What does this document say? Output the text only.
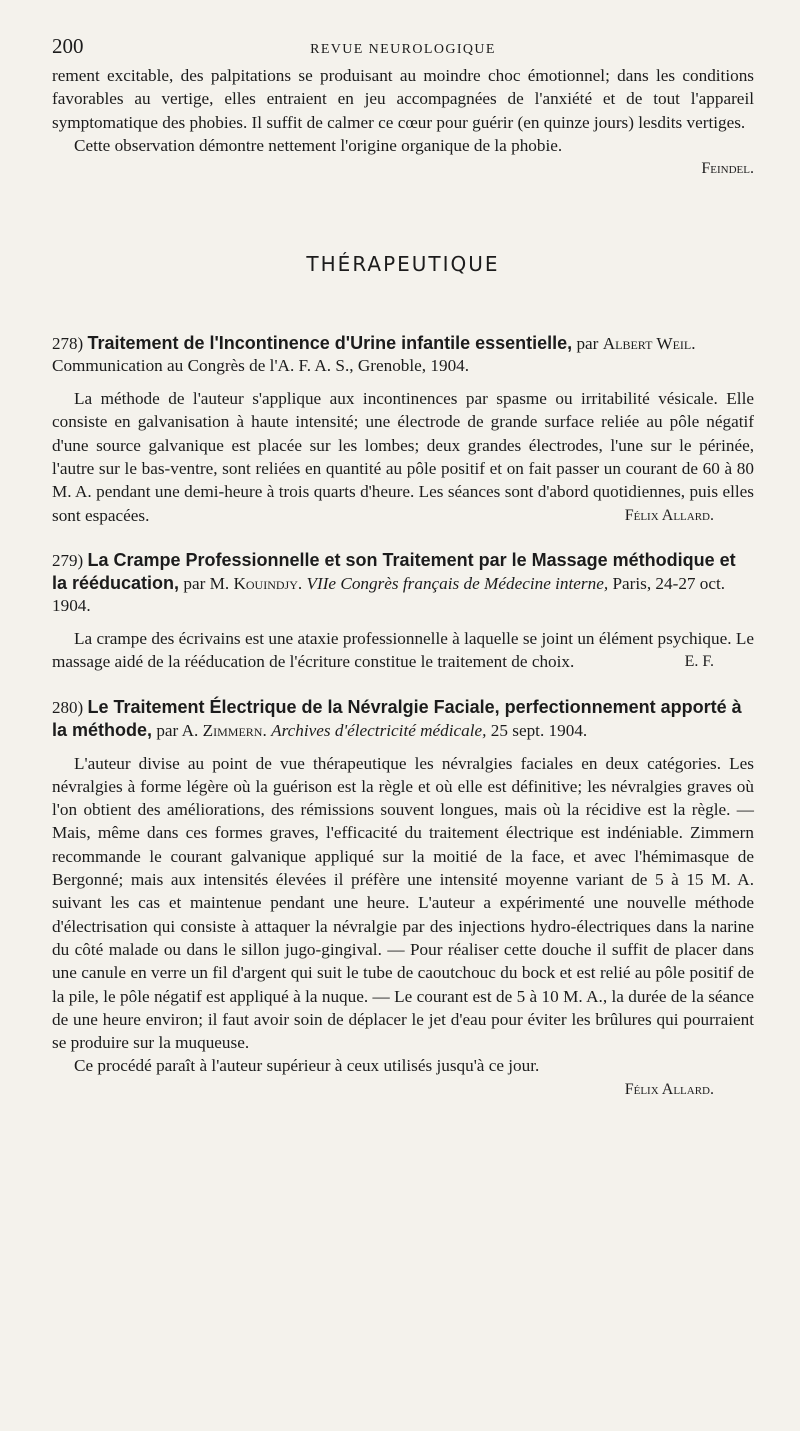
200	REVUE NEUROLOGIQUE

rement excitable, des palpitations se produisant au moindre choc émotionnel; dans les conditions favorables au vertige, elles entraient en jeu accompagnées de l'anxiété et de tout l'appareil symptomatique des phobies. Il suffit de calmer ce cœur pour guérir (en quinze jours) lesdits vertiges.

Cette observation démontre nettement l'origine organique de la phobie.

Feindel.
THÉRAPEUTIQUE

278) Traitement de l'Incontinence d'Urine infantile essentielle, par Albert Weil. Communication au Congrès de l'A. F. A. S., Grenoble, 1904.

La méthode de l'auteur s'applique aux incontinences par spasme ou irritabilité vésicale. Elle consiste en galvanisation à haute intensité; une électrode de grande surface reliée au pôle négatif d'une source galvanique est placée sur les lombes; deux grandes électrodes, l'une sur le périnée, l'autre sur le bas-ventre, sont reliées en quantité au pôle positif et on fait passer un courant de 60 à 80 M. A. pendant une demi-heure à trois quarts d'heure. Les séances sont d'abord quotidiennes, puis elles sont espacées.	Félix Allard.

279) La Crampe Professionnelle et son Traitement par le Massage méthodique et la rééducation, par M. Kouindjy. VIIe Congrès français de Médecine interne, Paris, 24-27 oct. 1904.

La crampe des écrivains est une ataxie professionnelle à laquelle se joint un élément psychique. Le massage aidé de la rééducation de l'écriture constitue le traitement de choix.	E. F.

280) Le Traitement Électrique de la Névralgie Faciale, perfectionnement apporté à la méthode, par A. Zimmern. Archives d'électricité médicale, 25 sept. 1904.

L'auteur divise au point de vue thérapeutique les névralgies faciales en deux catégories. Les névralgies à forme légère où la guérison est la règle et où elle est définitive; les névralgies graves où l'on obtient des améliorations, des rémissions souvent longues, mais où la récidive est la règle. — Mais, même dans ces formes graves, l'efficacité du traitement électrique est indéniable. Zimmern recommande le courant galvanique appliqué sur la moitié de la face, et avec l'hémimasque de Bergonné; mais aux intensités élevées il préfère une intensité moyenne variant de 5 à 15 M. A. suivant les cas et maintenue pendant une heure. L'auteur a expérimenté une nouvelle méthode d'électrisation qui consiste à attaquer la névralgie par des injections hydro-électriques dans la narine du côté malade ou dans le sillon jugo-gingival. — Pour réaliser cette douche il suffit de placer dans une canule en verre un fil d'argent qui suit le tube de caoutchouc du bock et est relié au pôle positif de la pile, le pôle négatif est appliqué à la nuque. — Le courant est de 5 à 10 M. A., la durée de la séance de une heure environ; il faut avoir soin de déplacer le jet d'eau pour éviter les brûlures qui pourraient se produire sur la muqueuse.

Ce procédé paraît à l'auteur supérieur à ceux utilisés jusqu'à ce jour.

Félix Allard.
